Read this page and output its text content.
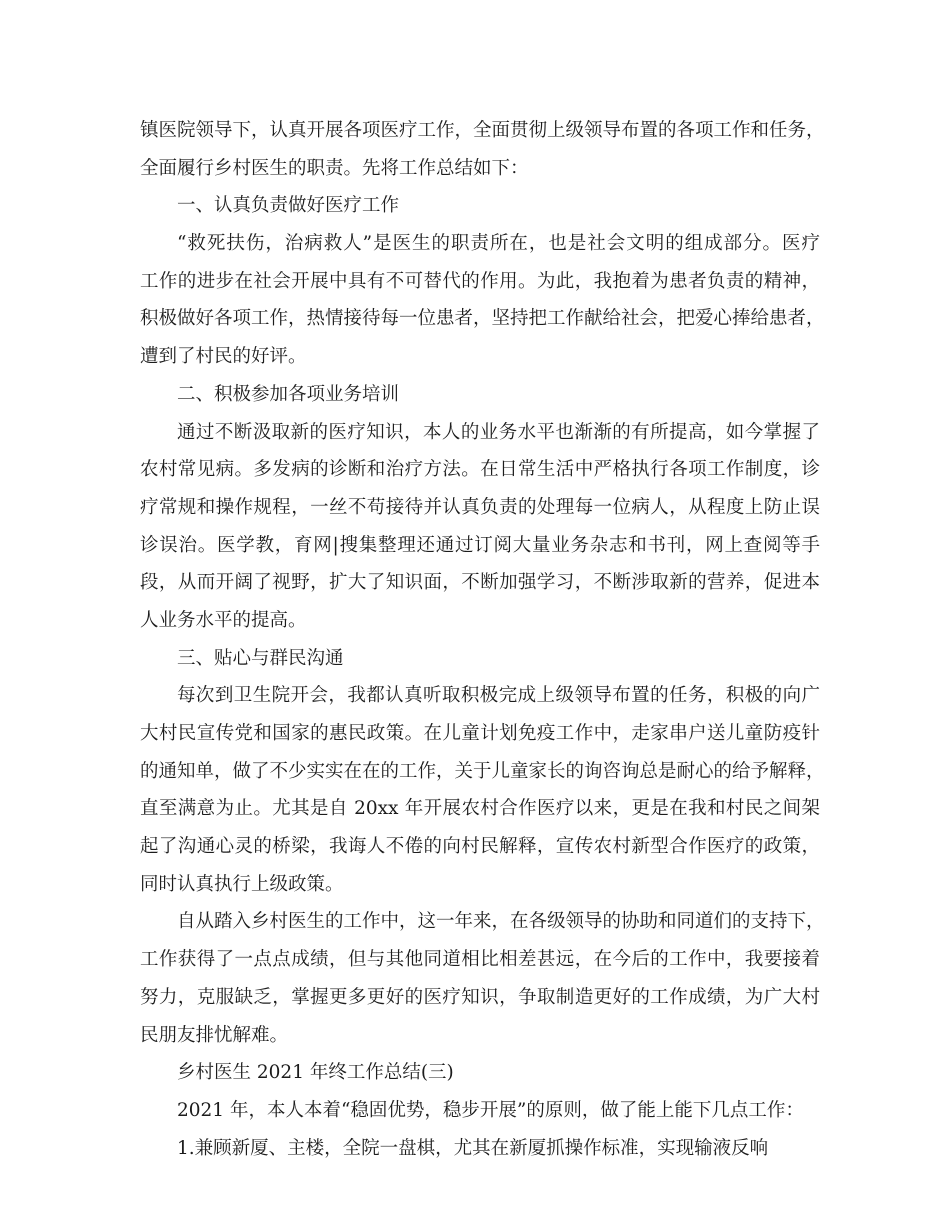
镇医院领导下，认真开展各项医疗工作，全面贯彻上级领导布置的各项工作和任务，
全面履行乡村医生的职责。先将工作总结如下：
一、认真负责做好医疗工作
“救死扶伤，治病救人”是医生的职责所在，也是社会文明的组成部分。医疗
工作的进步在社会开展中具有不可替代的作用。为此，我抱着为患者负责的精神，
积极做好各项工作，热情接待每一位患者，坚持把工作献给社会，把爱心捧给患者，
遭到了村民的好评。
二、积极参加各项业务培训
通过不断汲取新的医疗知识，本人的业务水平也渐渐的有所提高，如今掌握了
农村常见病。多发病的诊断和治疗方法。在日常生活中严格执行各项工作制度，诊
疗常规和操作规程，一丝不苟接待并认真负责的处理每一位病人，从程度上防止误
诊误治。医学教，育网|搜集整理还通过订阅大量业务杂志和书刊，网上查阅等手
段，从而开阔了视野，扩大了知识面，不断加强学习，不断涉取新的营养，促进本
人业务水平的提高。
三、贴心与群民沟通
每次到卫生院开会，我都认真听取积极完成上级领导布置的任务，积极的向广
大村民宣传党和国家的惠民政策。在儿童计划免疫工作中，走家串户送儿童防疫针
的通知单，做了不少实实在在的工作，关于儿童家长的询咨询总是耐心的给予解释，
直至满意为止。尤其是自 20xx 年开展农村合作医疗以来，更是在我和村民之间架
起了沟通心灵的桥梁，我诲人不倦的向村民解释，宣传农村新型合作医疗的政策，
同时认真执行上级政策。
自从踏入乡村医生的工作中，这一年来，在各级领导的协助和同道们的支持下，
工作获得了一点点成绩，但与其他同道相比相差甚远，在今后的工作中，我要接着
努力，克服缺乏，掌握更多更好的医疗知识，争取制造更好的工作成绩，为广大村
民朋友排忧解难。
乡村医生 2021 年终工作总结(三)
2021 年，本人本着“稳固优势，稳步开展”的原则，做了能上能下几点工作：
1.兼顾新厦、主楼，全院一盘棋，尤其在新厦抓操作标准，实现输液反响
